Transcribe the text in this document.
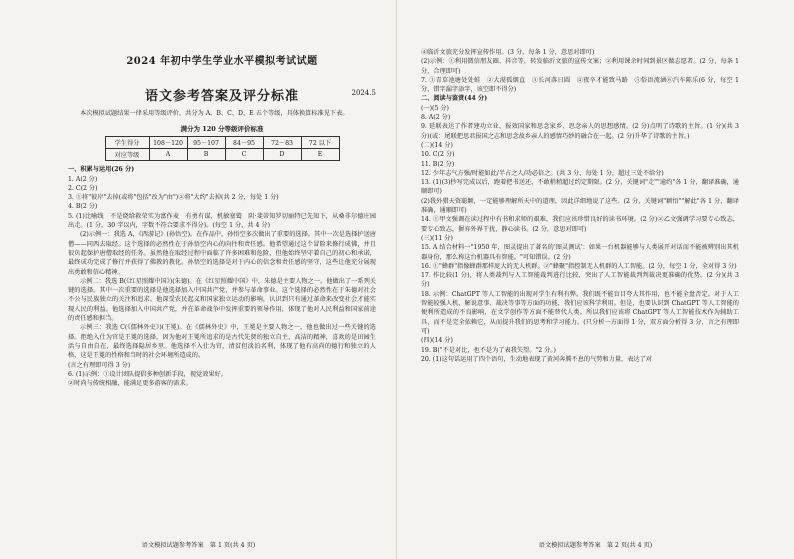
2024 年初中学生学业水平模拟考试试题
语文参考答案及评分标准	2024.5

本次模拟试题结果一律采用等级评价，共分为 A、B、C、D、E 五个等级，具体换算标准见下表。

满分为 120 分等级评价标准
学生得分	108－120	95－107	84－95	72－83	72 以下
对应等级	A	B	C	D	E

一、积累与运用(26 分)

1. A(2 分)

2. C(2 分)

3. ①将"彼岸"去掉(或将"包括"改为"由")②将"大约"去掉(共 2 分，每处 1 分)

4. B(2 分)

5. (1)比喻线　不是烧给救荣实为富作麦　有勇有谋，机敏塞鹫　阴·斐蒂知罗切丽特已先知下，从桑非尔德庄园出走。(1 分，30 字以内，字数不符合要求不得分)。(每空 1 分，共 4 分)

(2)示例一：我选 A，《西游记》(孙悟空)。在作品中，孙悟空多次做出了重要的选择。其中一次是选择护送唐僧——同西去取经。这个选择的必然性在于孙悟空内心的向往和责任感。他希望通过这个冒险来修行成佛，并且很负起保护唐僧取经的任务。虽然他在取经过程中面临了许多困难和危险，但他始终坚守着自己的初心和承诺，最终成功完成了修行并获得了佛教的教化。孙悟空的选择是对于内心的信念和责任感的坚守，这些让他充分展现出勇敢和信心精神。

示例二：我选 B(《红星照耀中国》)(朱德)。在《红星照耀中国》中，朱德是主要人物之一。他做出了一系列关键的选择。其中一次重要的选择是他选择加入中国共产党，并参与革命事业。这个选择的必然性在于朱德对社会不公与民族独立的关注和追求。他深受农民起义和国家独立运动的影响，认识到只有通过革命来改变社会才能实现人民的利益。他选择加入中国共产党，并在革命战争中发挥重要的领导作用，体现了他对人民利益和国家前途的责任感和担当。

示例三：我选 C(《儒林外史》)(王冕)。在《儒林外史》中，王冕是主要人物之一，他也做出过一些关键的选择。拒绝入仕为官是王冕的选择，因为他对王冕所追求的是古代先贤的独立自主、高洁的精神，喜欢的是田园生活与自由自在，最终选择隐居乡里。他选择不入仕为官，清贫但淡泊名利，体现了他有高尚的德行和独立的人格，这是王冕的性格和当时的社会环境所造成的。

(言之有理即可得 3 分)

6. (1)示例：①设计团队提倡多种创新手段，视觉效果好。

②时尚与传统相融，能满足更多游客的需求。

语文模拟试题参考答案　第 1 页(共 4 页)

④临沂文旅充分发挥宣传作用。(3 分，每条 1 分，意思对即可)

(2)示例：①利用微信朋友圈、抖音等，转发临沂文旅的宣传文案；②利用课余时间到景区做志愿者。(2 分，每条 1 分，合理即可)

7. ①青草池塘处处蛙　②大漠孤烟直　③长河落日圆　④夜卒才能致马路　⑤俗语流涵⑥汽车陈乐(6 分，每空 1 分，错字漏字添字，该空即不得分)

二、阅读与鉴赏(44 分)

(一)(5 分)

8. A(2 分)

9. 延联表达了作者建功立业、报效国家和思念家乡、思念亲人的思想感情。(2 分)点明了诗歌的主旨。(1 分)(共 3 分)(或：尾联把思君报国之志和思念故乡亲人的感情巧妙的融合在一起。(2 分)升华了诗歌的主旨。)

(二)(14 分)

10. C(2 分)

11. B(2 分)

12. 少年志气方强/时能如此/半占之人/功必倍之。(共 3 分，每处 1 分，超过三处不给分)

13. (1)(3)抄写完成以后，跑着把书送还，不敢稍稍超过约定期限。(2 分，关键词"走""逾约"各 1 分，翻译准确，通顺即可)

(2)我外猎天资聪颖，一定能够理解所天中的道理，因此详细地说了这些。(2 分，关键词"颖悟""解此"各 1 分，翻译准确，通顺即可)

14. ①甲文强调在读过程中有书和求师的艰难，我们应该珍惜良好的读书环境。(2 分)②乙文强调学习要专心致志，要专心致志，摒弃外界干扰，静心读书。(2 分，意思对即可)

(三)(11 分)

15. A 结合材料一"1950 年，图灵提出了著名的'图灵测试'：如果一台机器能够与人类展开对话而不能被辨别出其机器身份，那么称这台机器具有智能。"可知错误。(2 分)

16. ①"蜂群"指像蜂群那样庞大的无人机群。②"蜂聚"指控制无人机群的人工智能。(2 分，每空 1 分，全对得 3 分)

17. 作比较(1 分)，将人类裁判与人工智能裁判进行比较，突出了人工智能裁判判裁决更准确的优势。(2 分)(共 3 分)

18. 示例：ChatGPT 等人工智能的出现对学生有利有弊。我们既不能盲目夸大其作用，也不能全盘否定。对于人工智能较强人机、解说意事、裁决等事等方面的功能，我们应该科学利用。但是，也要认识到 ChatGPT 等人工智能的便利所造成的不良影响，在文学创作等方面不能替代人类。所以我们应该将 ChatGPT 等人工智能技术作为辅助工具，而不是完全依赖它，从而提升我们的思考和学习能力。(只分析一方面得 1 分，双方面分析得 3 分，言之有理即可)

(四)(14 分)

19. B("不是对比，也不是为了表我失望。"2 分。)

20. (1)这句话运用了四个语句，生动地表现了黄河奔腾不息的气势和力量，表达了对

语文模拟试题参考答案　第 2 页(共 4 页)
